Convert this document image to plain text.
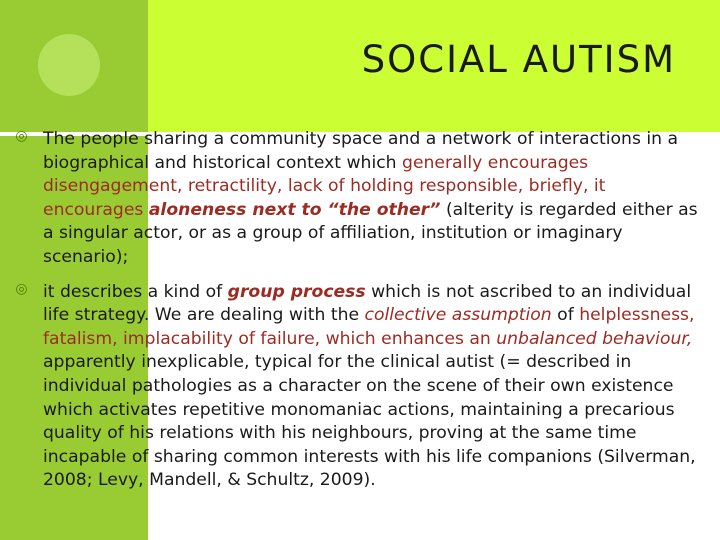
SOCIAL AUTISM
◎ The people sharing a community space and a network of interactions in a biographical and historical context which generally encourages disengagement, retractility, lack of holding responsible, briefly, it encourages aloneness next to “the other” (alterity is regarded either as a singular actor, or as a group of affiliation, institution or imaginary scenario);
◎ it describes a kind of group process which is not ascribed to an individual life strategy. We are dealing with the collective assumption of helplessness, fatalism, implacability of failure, which enhances an unbalanced behaviour, apparently inexplicable, typical for the clinical autist (= described in individual pathologies as a character on the scene of their own existence which activates repetitive monomaniac actions, maintaining a precarious quality of his relations with his neighbours, proving at the same time incapable of sharing common interests with his life companions (Silverman, 2008; Levy, Mandell, & Schultz, 2009).
